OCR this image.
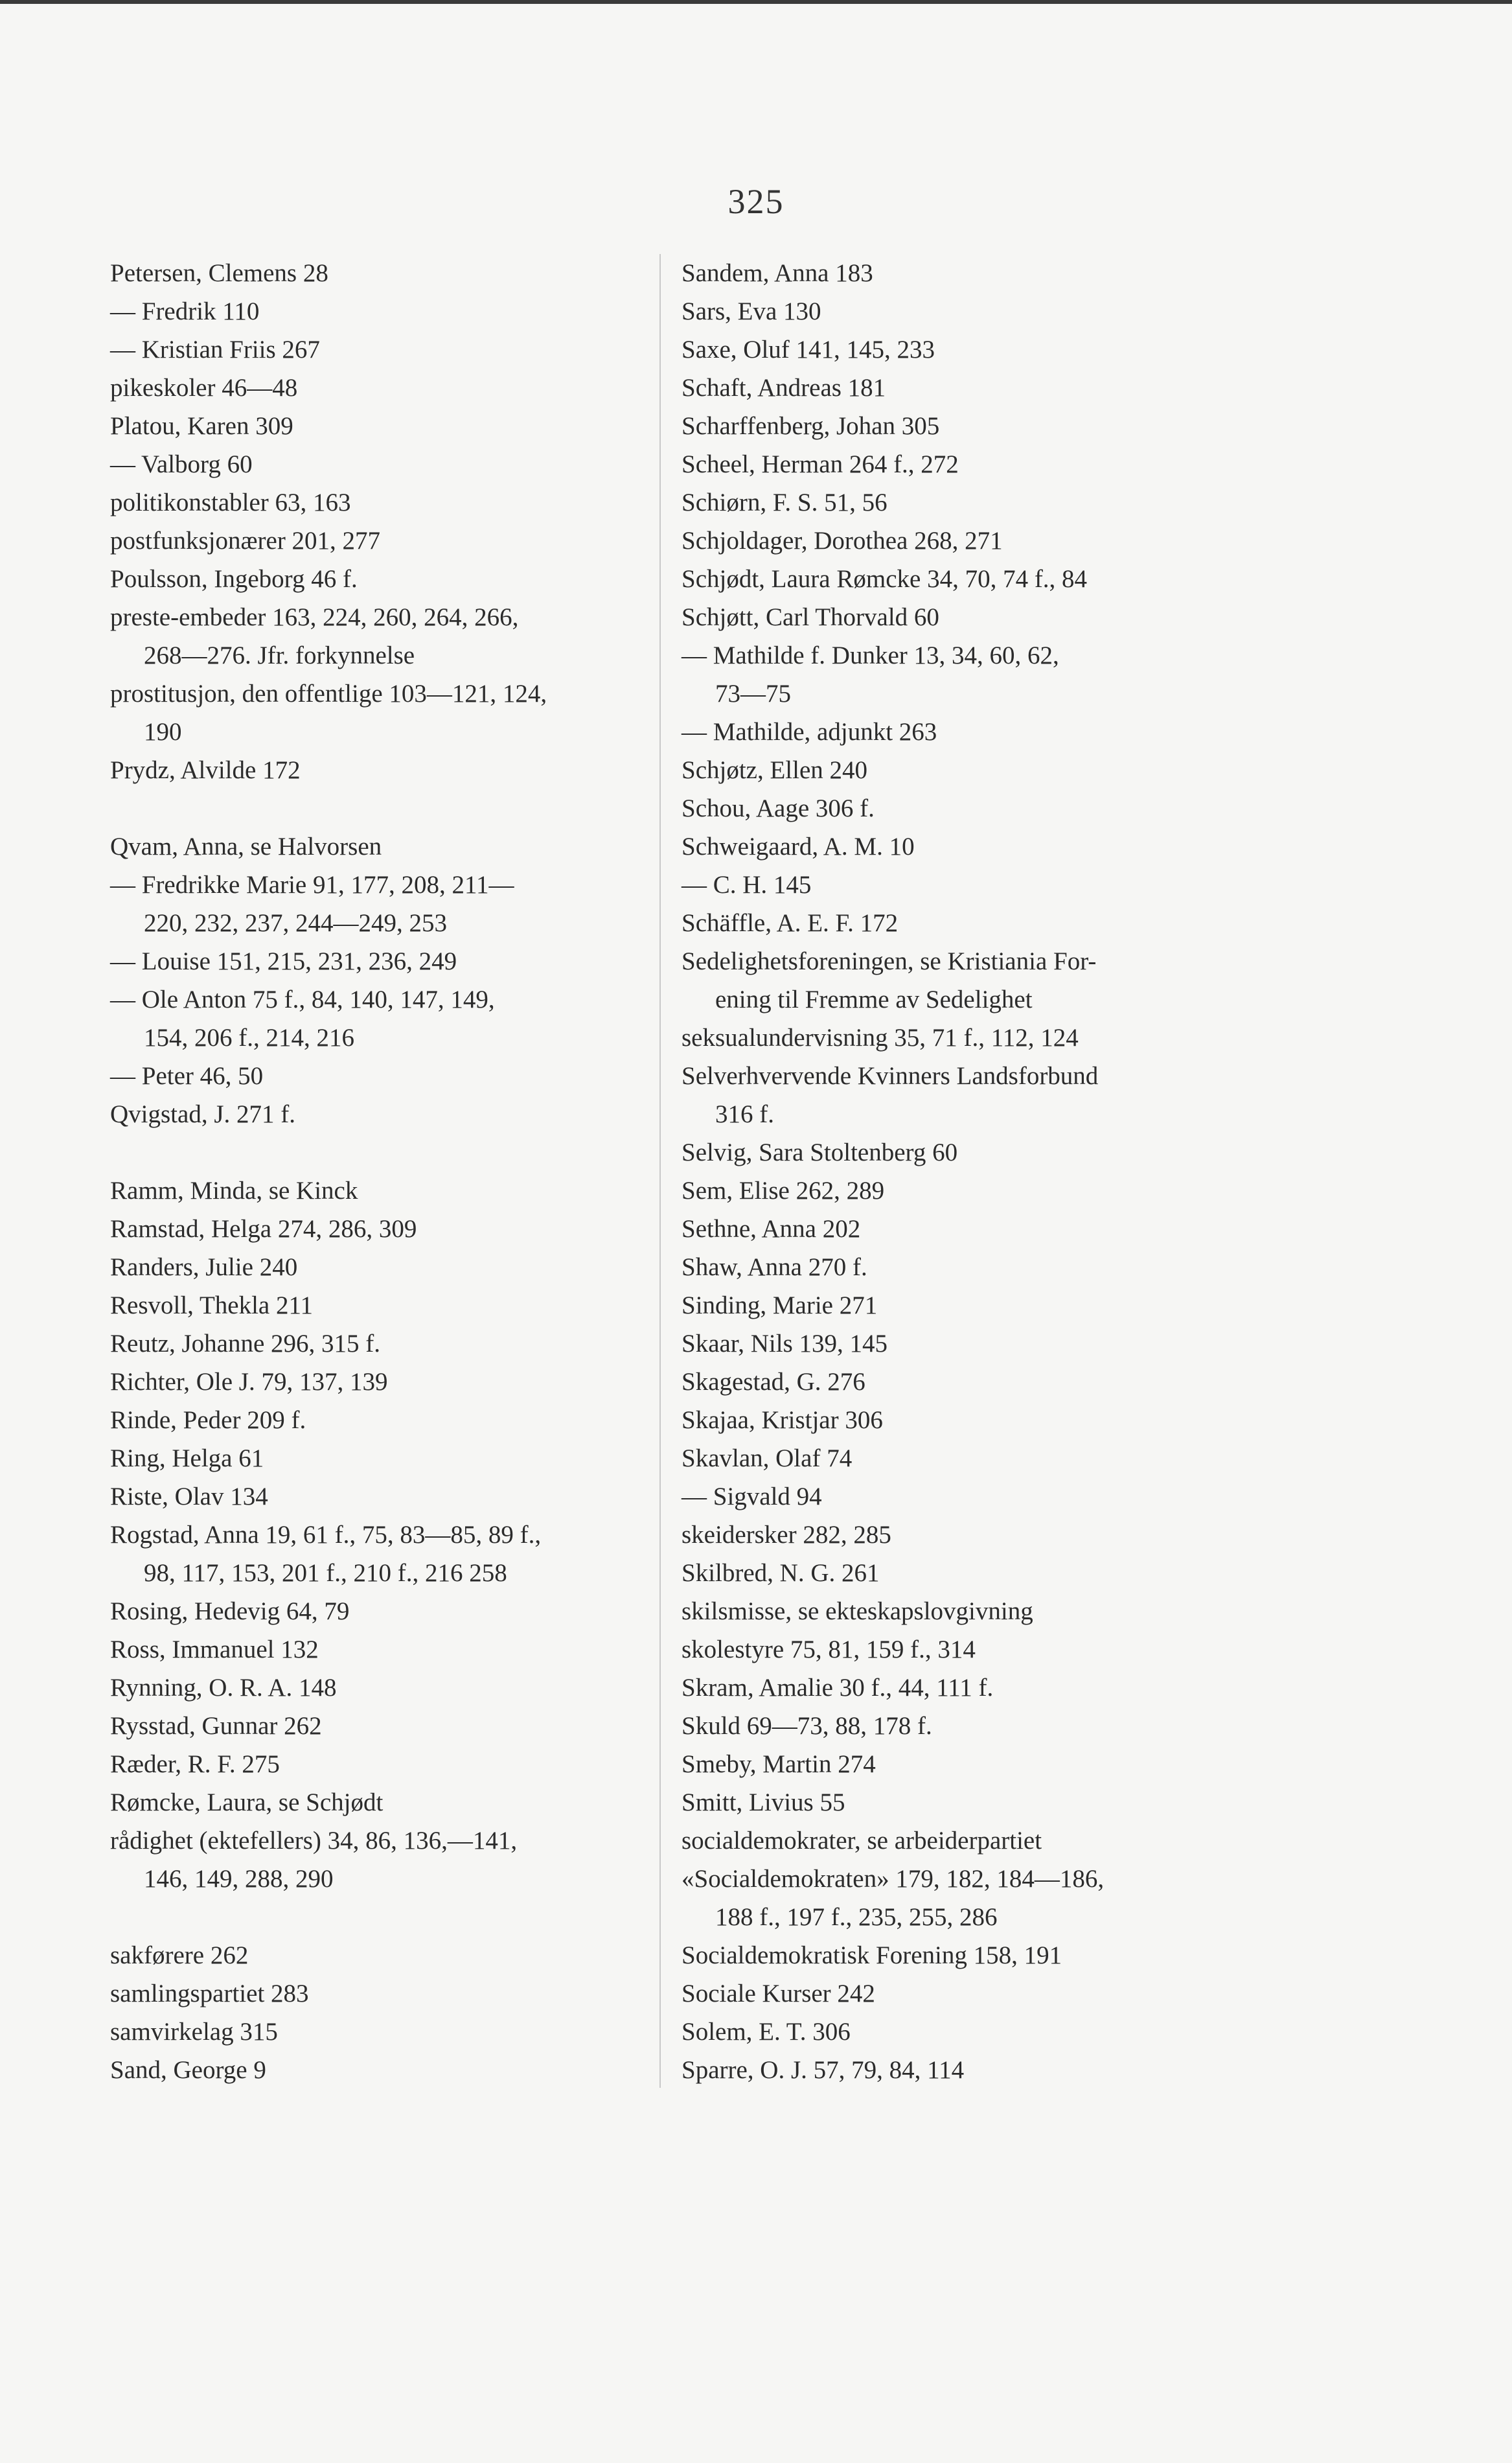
325
Petersen, Clemens 28
— Fredrik 110
— Kristian Friis 267
pikeskoler 46—48
Platou, Karen 309
— Valborg 60
politikonstabler 63, 163
postfunksjonærer 201, 277
Poulsson, Ingeborg 46 f.
preste-embeder 163, 224, 260, 264, 266,
268—276. Jfr. forkynnelse
prostitusjon, den offentlige 103—121, 124,
190
Prydz, Alvilde 172
Qvam, Anna, se Halvorsen
— Fredrikke Marie 91, 177, 208, 211—
220, 232, 237, 244—249, 253
— Louise 151, 215, 231, 236, 249
— Ole Anton 75 f., 84, 140, 147, 149,
154, 206 f., 214, 216
— Peter 46, 50
Qvigstad, J. 271 f.
Ramm, Minda, se Kinck
Ramstad, Helga 274, 286, 309
Randers, Julie 240
Resvoll, Thekla 211
Reutz, Johanne 296, 315 f.
Richter, Ole J. 79, 137, 139
Rinde, Peder 209 f.
Ring, Helga 61
Riste, Olav 134
Rogstad, Anna 19, 61 f., 75, 83—85, 89 f.,
98, 117, 153, 201 f., 210 f., 216 258
Rosing, Hedevig 64, 79
Ross, Immanuel 132
Rynning, O. R. A. 148
Rysstad, Gunnar 262
Ræder, R. F. 275
Rømcke, Laura, se Schjødt
rådighet (ektefellers) 34, 86, 136,—141,
146, 149, 288, 290
sakførere 262
samlingspartiet 283
samvirkelag 315
Sand, George 9
Sandem, Anna 183
Sars, Eva 130
Saxe, Oluf 141, 145, 233
Schaft, Andreas 181
Scharffenberg, Johan 305
Scheel, Herman 264 f., 272
Schiørn, F. S. 51, 56
Schjoldager, Dorothea 268, 271
Schjødt, Laura Rømcke 34, 70, 74 f., 84
Schjøtt, Carl Thorvald 60
— Mathilde f. Dunker 13, 34, 60, 62,
73—75
— Mathilde, adjunkt 263
Schjøtz, Ellen 240
Schou, Aage 306 f.
Schweigaard, A. M. 10
— C. H. 145
Schäffle, A. E. F. 172
Sedelighetsforeningen, se Kristiania For-
ening til Fremme av Sedelighet
seksualundervisning 35, 71 f., 112, 124
Selverhvervende Kvinners Landsforbund
316 f.
Selvig, Sara Stoltenberg 60
Sem, Elise 262, 289
Sethne, Anna 202
Shaw, Anna 270 f.
Sinding, Marie 271
Skaar, Nils 139, 145
Skagestad, G. 276
Skajaa, Kristjar 306
Skavlan, Olaf 74
— Sigvald 94
skeidersker 282, 285
Skilbred, N. G. 261
skilsmisse, se ekteskapslovgivning
skolestyre 75, 81, 159 f., 314
Skram, Amalie 30 f., 44, 111 f.
Skuld 69—73, 88, 178 f.
Smeby, Martin 274
Smitt, Livius 55
socialdemokrater, se arbeiderpartiet
«Socialdemokraten» 179, 182, 184—186,
188 f., 197 f., 235, 255, 286
Socialdemokratisk Forening 158, 191
Sociale Kurser 242
Solem, E. T. 306
Sparre, O. J. 57, 79, 84, 114
